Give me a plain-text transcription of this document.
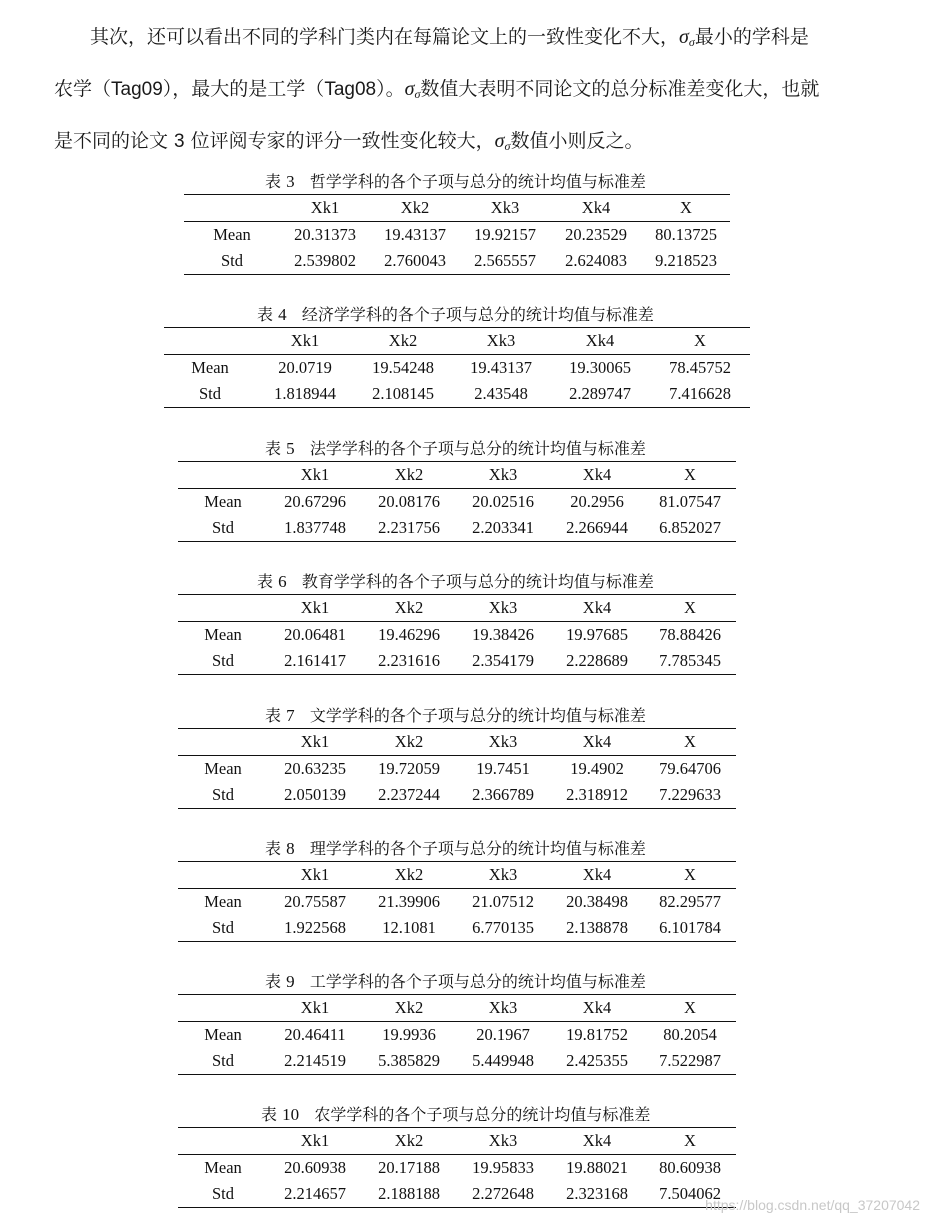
其次，还可以看出不同的学科门类内在每篇论文上的一致性变化不大，$\sigma_\sigma$最小的学科是
农学（Tag09），最大的是工学（Tag08）。$\sigma_\sigma$数值大表明不同论文的总分标准差变化大，也就
是不同的论文 3 位评阅专家的评分一致性变化较大，$\sigma_\sigma$数值小则反之。
表 3 哲学学科的各个子项与总分的统计均值与标准差
	Xk1	Xk2	Xk3	Xk4	X
Mean	20.31373	19.43137	19.92157	20.23529	80.13725
Std	2.539802	2.760043	2.565557	2.624083	9.218523
表 4 经济学学科的各个子项与总分的统计均值与标准差
	Xk1	Xk2	Xk3	Xk4	X
Mean	20.0719	19.54248	19.43137	19.30065	78.45752
Std	1.818944	2.108145	2.43548	2.289747	7.416628
表 5 法学学科的各个子项与总分的统计均值与标准差
	Xk1	Xk2	Xk3	Xk4	X
Mean	20.67296	20.08176	20.02516	20.2956	81.07547
Std	1.837748	2.231756	2.203341	2.266944	6.852027
表 6 教育学学科的各个子项与总分的统计均值与标准差
	Xk1	Xk2	Xk3	Xk4	X
Mean	20.06481	19.46296	19.38426	19.97685	78.88426
Std	2.161417	2.231616	2.354179	2.228689	7.785345
表 7 文学学科的各个子项与总分的统计均值与标准差
	Xk1	Xk2	Xk3	Xk4	X
Mean	20.63235	19.72059	19.7451	19.4902	79.64706
Std	2.050139	2.237244	2.366789	2.318912	7.229633
表 8 理学学科的各个子项与总分的统计均值与标准差
	Xk1	Xk2	Xk3	Xk4	X
Mean	20.75587	21.39906	21.07512	20.38498	82.29577
Std	1.922568	12.1081	6.770135	2.138878	6.101784
表 9 工学学科的各个子项与总分的统计均值与标准差
	Xk1	Xk2	Xk3	Xk4	X
Mean	20.46411	19.9936	20.1967	19.81752	80.2054
Std	2.214519	5.385829	5.449948	2.425355	7.522987
表 10 农学学科的各个子项与总分的统计均值与标准差
	Xk1	Xk2	Xk3	Xk4	X
Mean	20.60938	20.17188	19.95833	19.88021	80.60938
Std	2.214657	2.188188	2.272648	2.323168	7.504062
https://blog.csdn.net/qq_37207042
